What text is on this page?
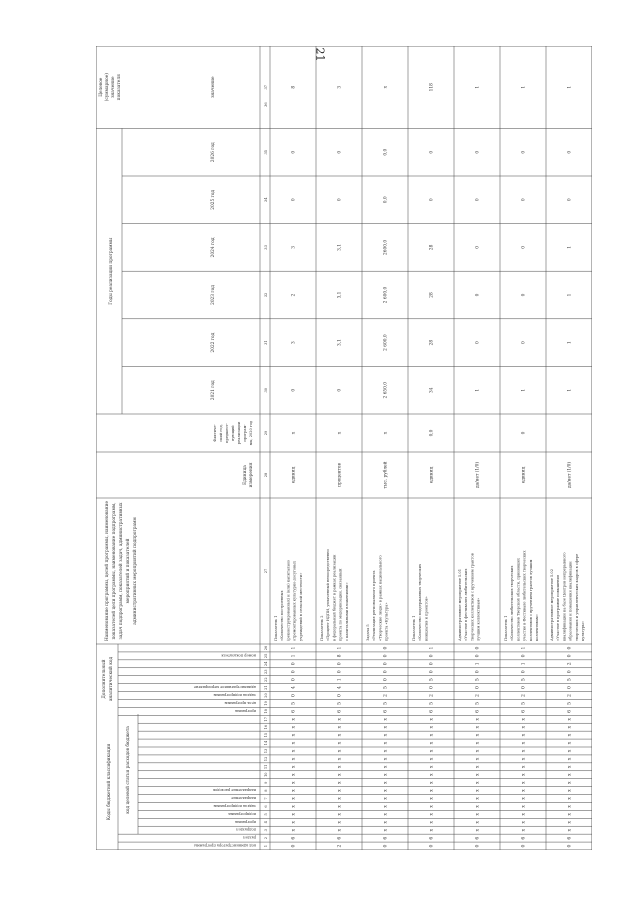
21
Коды бюджетной классификации	код целевой статьи расходов бюджета
Дополнительный аналитический код
Наименование программы, целей программы, наименование показателей цели программы, наименование подпрограмм, задач подпрограмм, показателей задач, административных мероприятий и показателей административных мероприятий подпрограмм
Единица измерения
Фактиче- ский год, предшест- вующий реализации програм- мы, 2020 год
Годы реализации программы
2021 год
2022 год
2023 год
2024 год
2025 год
2026 год
Целевое (суммарное) значение показателя	значение
код администратора программы
раздел
подраздел
программа
подпрограмма
задача подпрограммы
направление
направление расходов
программа
цель программы
задача подпрограммы
административное мероприятие
номер показателя
1
2
3
4
5
6
7
8
9
10
11
12
13
14
15
16
17
18
19
20
21
22
23
24
25
26
27
28
29
30
31
32
33
34
35
36
37
0
6
х
х
х
х
х
х
х
х
х
х
х
х
х
х
х
6
5
0
4
0
0
0
1
1
Показатель 1 «Количество построенных (реконструированных) и (или) капитально отремонтированных культурно-досуговых учреждений в сельской местности»
единиц
х
0
3
2
3
0
0
8
2
6
х
х
х
х
х
х
х
х
х
х
х
х
х
х
х
6
5
0
4
1
0
0
8
1
Показатель 2 «Процент НДПИ, уплаченный непосредственно в федеральный бюджет в рамках реализации проекта по модернизации, связанный с капитальными вложениями»
процентов
х
0
3,1
3,1
3,1
0
0
3
0
6
х
х
х
х
х
х
х
х
х
х
х
х
х
х
х
6
5
2
5
0
0
0
0
0
Задача 5 «Реализация регионального проекта «Творческие люди» в рамках национального проекта «Культура»
тыс. рублей
х
2 650,0
2 600,0
2 600,0
2600,0
0,0
0,0
х
0
6
х
х
х
х
х
х
х
х
х
х
х
х
х
х
х
6
5
2
0
5
0
0
0
1
Показатель 1 «Количество поддержанных творческих инициатив и проектов»
единиц
0,0
34
28
28
28
0
0
118
0
6
х
х
х
х
х
х
х
х
х
х
х
х
х
х
х
6
5
2
0
5
0
1
0
0
Административное мероприятие 5.01 «Участие в фестивалях любительских творческих коллективов с вручением грантов лучшим коллективам»
да/нет (1/0)
1
0
0
0
0
0
1
0
6
х
х
х
х
х
х
х
х
х
х
х
х
х
х
х
6
5
2
0
5
0
1
0
1
Показатель 1 «Количество любительских творческих коллективов Тверской области, принявших участие в Фестивале любительских творческих коллективов с вручением грантов лучшим коллективам»
единиц
0
1
0
0
0
0
0
1
0
6
х
х
х
х
х
х
х
х
х
х
х
х
х
х
х
6
5
2
0
5
0
2
0
0
Административное мероприятие 5.02 «Участие в программе повышения квалификации на базе Центров непрерывного образования и повышения квалификации творческих и управленческих кадров в сфере культуры»
да/нет (1/0)
1
1
1
1
0
0
1
